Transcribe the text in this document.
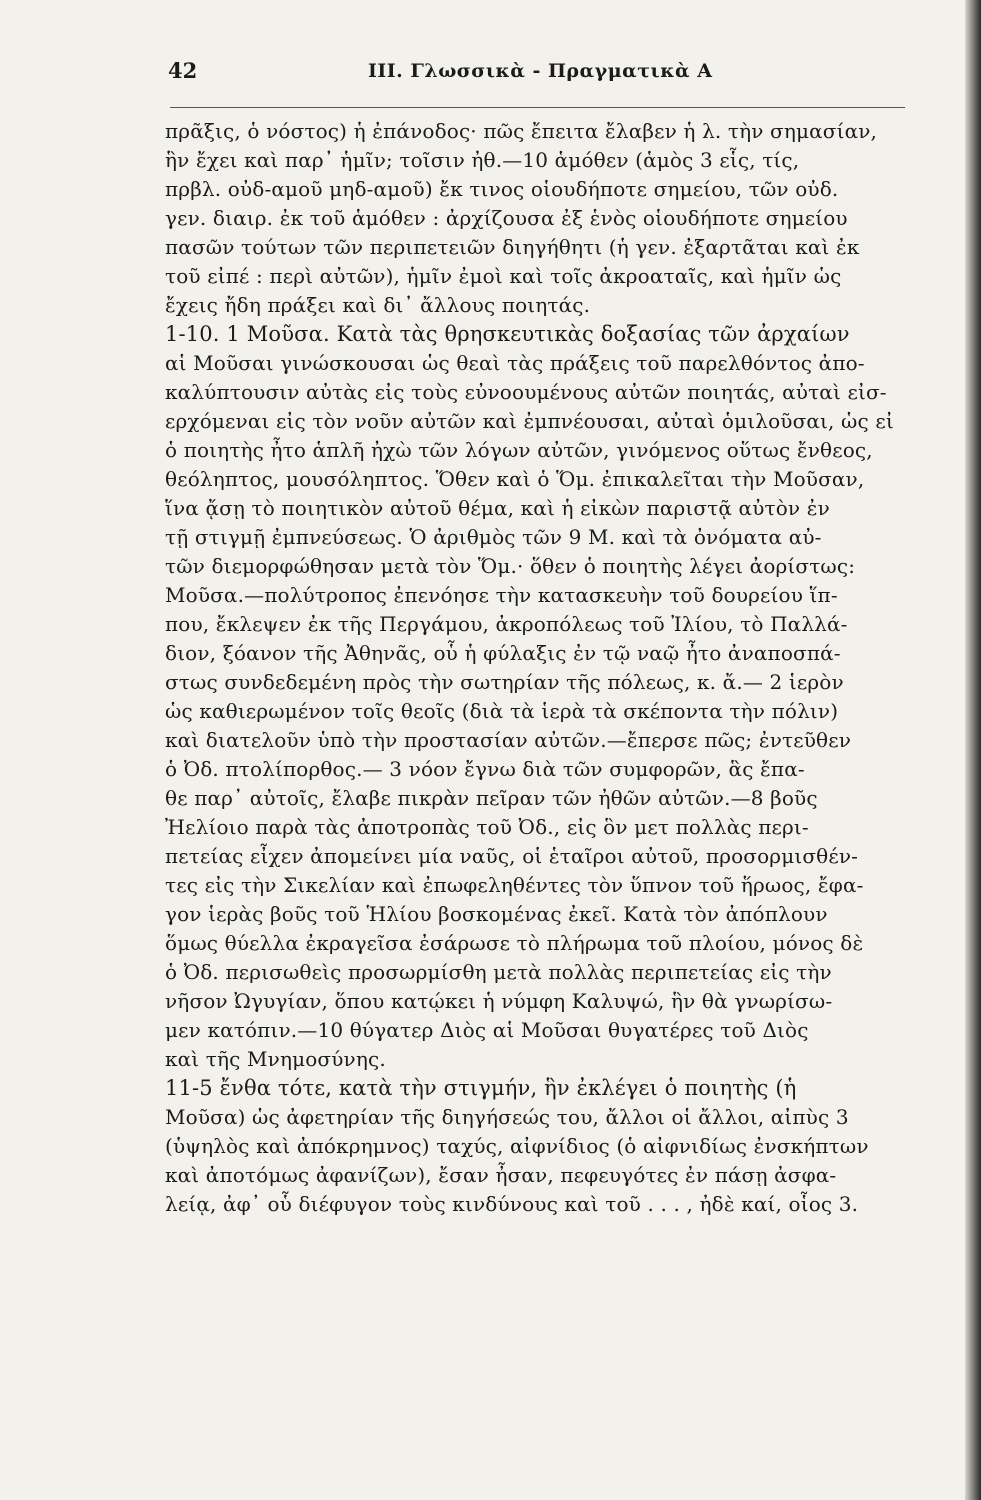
42	III. Γλωσσικὰ - Πραγματικὰ Α
πρᾶξις, ὁ νόστος) ἡ ἐπάνοδος· πῶς ἔπειτα ἔλαβεν ἡ λ. τὴν σημασίαν,
ἣν ἔχει καὶ παρ᾽ ἡμῖν; τοῖσιν ἠθ.—10 ἁμόθεν (ἁμὸς 3 εἷς, τίς,
πρβλ. οὐδ-αμοῦ μηδ-αμοῦ) ἔκ τινος οἱουδήποτε σημείου, τῶν οὐδ.
γεν. διαιρ. ἐκ τοῦ ἁμόθεν : ἀρχίζουσα ἐξ ἑνὸς οἱουδήποτε σημείου
πασῶν τούτων τῶν περιπετειῶν διηγήθητι (ἡ γεν. ἐξαρτᾶται καὶ ἐκ
τοῦ εἰπέ : περὶ αὐτῶν), ἡμῖν ἐμοὶ καὶ τοῖς ἀκροαταῖς, καὶ ἡμῖν ὡς
ἔχεις ἤδη πράξει καὶ δι᾽ ἄλλους ποιητάς.
1-10. 1 Μοῦσα. Κατὰ τὰς θρησκευτικὰς δοξασίας τῶν ἀρχαίων
αἱ Μοῦσαι γινώσκουσαι ὡς θεαὶ τὰς πράξεις τοῦ παρελθόντος ἀπο-
καλύπτουσιν αὐτὰς εἰς τοὺς εὐνοουμένους αὐτῶν ποιητάς, αὐταὶ εἰσ-
ερχόμεναι εἰς τὸν νοῦν αὐτῶν καὶ ἐμπνέουσαι, αὐταὶ ὁμιλοῦσαι, ὡς εἰ
ὁ ποιητὴς ἦτο ἁπλῆ ἠχὼ τῶν λόγων αὐτῶν, γινόμενος οὕτως ἔνθεος,
θεόληπτος, μουσόληπτος. Ὅθεν καὶ ὁ Ὅμ. ἐπικαλεῖται τὴν Μοῦσαν,
ἵνα ᾄσῃ τὸ ποιητικὸν αὐτοῦ θέμα, καὶ ἡ εἰκὼν παριστᾷ αὐτὸν ἐν
τῇ στιγμῇ ἐμπνεύσεως. Ὁ ἀριθμὸς τῶν 9 Μ. καὶ τὰ ὀνόματα αὐ-
τῶν διεμορφώθησαν μετὰ τὸν Ὅμ.· ὅθεν ὁ ποιητὴς λέγει ἀορίστως:
Μοῦσα.—πολύτροπος ἐπενόησε τὴν κατασκευὴν τοῦ δουρείου ἵπ-
που, ἔκλεψεν ἐκ τῆς Περγάμου, ἀκροπόλεως τοῦ Ἰλίου, τὸ Παλλά-
διον, ξόανον τῆς Ἀθηνᾶς, οὗ ἡ φύλαξις ἐν τῷ ναῷ ἦτο ἀναποσπά-
στως συνδεδεμένη πρὸς τὴν σωτηρίαν τῆς πόλεως, κ. ἄ.— 2 ἱερὸν
ὡς καθιερωμένον τοῖς θεοῖς (διὰ τὰ ἱερὰ τὰ σκέποντα τὴν πόλιν)
καὶ διατελοῦν ὑπὸ τὴν προστασίαν αὐτῶν.—ἔπερσε πῶς; ἐντεῦθεν
ὁ Ὀδ. πτολίπορθος.— 3 νόον ἔγνω διὰ τῶν συμφορῶν, ἃς ἔπα-
θε παρ᾽ αὐτοῖς, ἔλαβε πικρὰν πεῖραν τῶν ἠθῶν αὐτῶν.—8 βοῦς
Ἠελίοιο παρὰ τὰς ἀποτροπὰς τοῦ Ὀδ., εἰς ὃν μετ πολλὰς περι-
πετείας εἶχεν ἀπομείνει μία ναῦς, οἱ ἑταῖροι αὐτοῦ, προσορμισθέν-
τες εἰς τὴν Σικελίαν καὶ ἐπωφεληθέντες τὸν ὕπνον τοῦ ἥρωος, ἔφα-
γον ἱερὰς βοῦς τοῦ Ἡλίου βοσκομένας ἐκεῖ. Κατὰ τὸν ἀπόπλουν
ὅμως θύελλα ἐκραγεῖσα ἐσάρωσε τὸ πλήρωμα τοῦ πλοίου, μόνος δὲ
ὁ Ὀδ. περισωθεὶς προσωρμίσθη μετὰ πολλὰς περιπετείας εἰς τὴν
νῆσον Ὠγυγίαν, ὅπου κατῴκει ἡ νύμφη Καλυψώ, ἣν θὰ γνωρίσω-
μεν κατόπιν.—10 θύγατερ Διὸς αἱ Μοῦσαι θυγατέρες τοῦ Διὸς
καὶ τῆς Μνημοσύνης.
11-5 ἔνθα τότε, κατὰ τὴν στιγμήν, ἣν ἐκλέγει ὁ ποιητὴς (ἡ
Μοῦσα) ὡς ἀφετηρίαν τῆς διηγήσεώς του, ἄλλοι οἱ ἄλλοι, αἰπὺς 3
(ὑψηλὸς καὶ ἀπόκρημνος) ταχύς, αἰφνίδιος (ὁ αἰφνιδίως ἐνσκήπτων
καὶ ἀποτόμως ἀφανίζων), ἔσαν ἦσαν, πεφευγότες ἐν πάσῃ ἀσφα-
λείᾳ, ἀφ᾽ οὗ διέφυγον τοὺς κινδύνους καὶ τοῦ . . . , ἠδὲ καί, οἷος 3.
